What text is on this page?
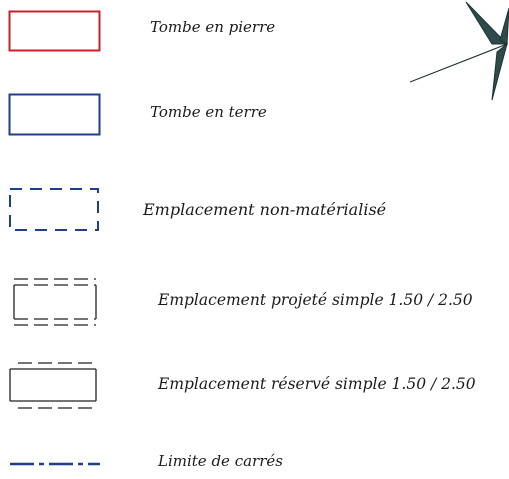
Tombe en pierre
Tombe en terre
Emplacement non-matérialisé
Emplacement projeté simple 1.50 / 2.50
Emplacement réservé simple 1.50 / 2.50
Limite de carrés
